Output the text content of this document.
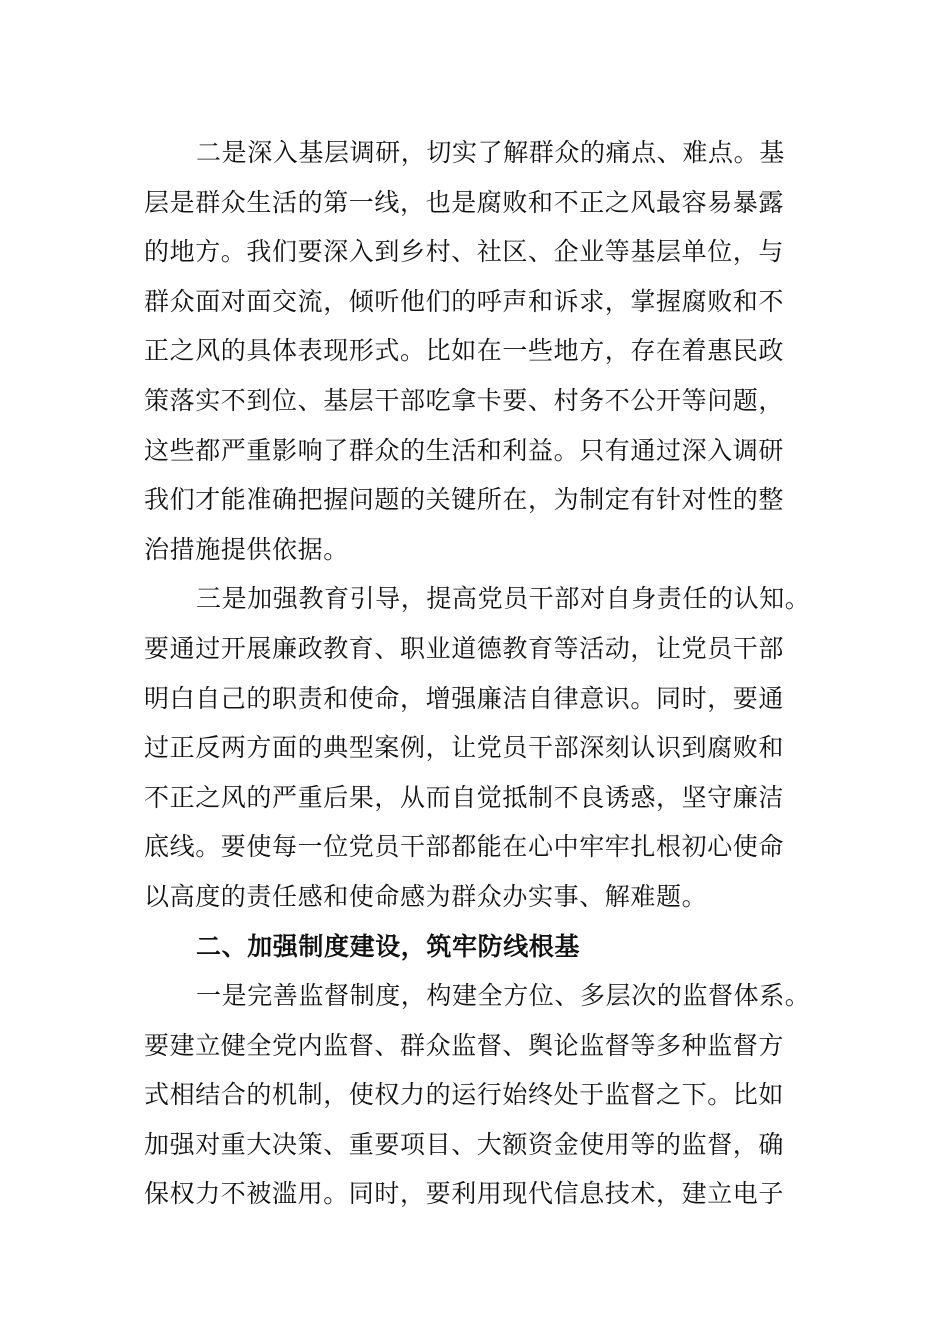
二是深入基层调研，切实了解群众的痛点、难点。基
层是群众生活的第一线，也是腐败和不正之风最容易暴露
的地方。我们要深入到乡村、社区、企业等基层单位，与
群众面对面交流，倾听他们的呼声和诉求，掌握腐败和不
正之风的具体表现形式。比如在一些地方，存在着惠民政
策落实不到位、基层干部吃拿卡要、村务不公开等问题，
这些都严重影响了群众的生活和利益。只有通过深入调研
我们才能准确把握问题的关键所在，为制定有针对性的整
治措施提供依据。
三是加强教育引导，提高党员干部对自身责任的认知。
要通过开展廉政教育、职业道德教育等活动，让党员干部
明白自己的职责和使命，增强廉洁自律意识。同时，要通
过正反两方面的典型案例，让党员干部深刻认识到腐败和
不正之风的严重后果，从而自觉抵制不良诱惑，坚守廉洁
底线。要使每一位党员干部都能在心中牢牢扎根初心使命
以高度的责任感和使命感为群众办实事、解难题。
二、加强制度建设，筑牢防线根基
一是完善监督制度，构建全方位、多层次的监督体系。
要建立健全党内监督、群众监督、舆论监督等多种监督方
式相结合的机制，使权力的运行始终处于监督之下。比如
加强对重大决策、重要项目、大额资金使用等的监督，确
保权力不被滥用。同时，要利用现代信息技术，建立电子
